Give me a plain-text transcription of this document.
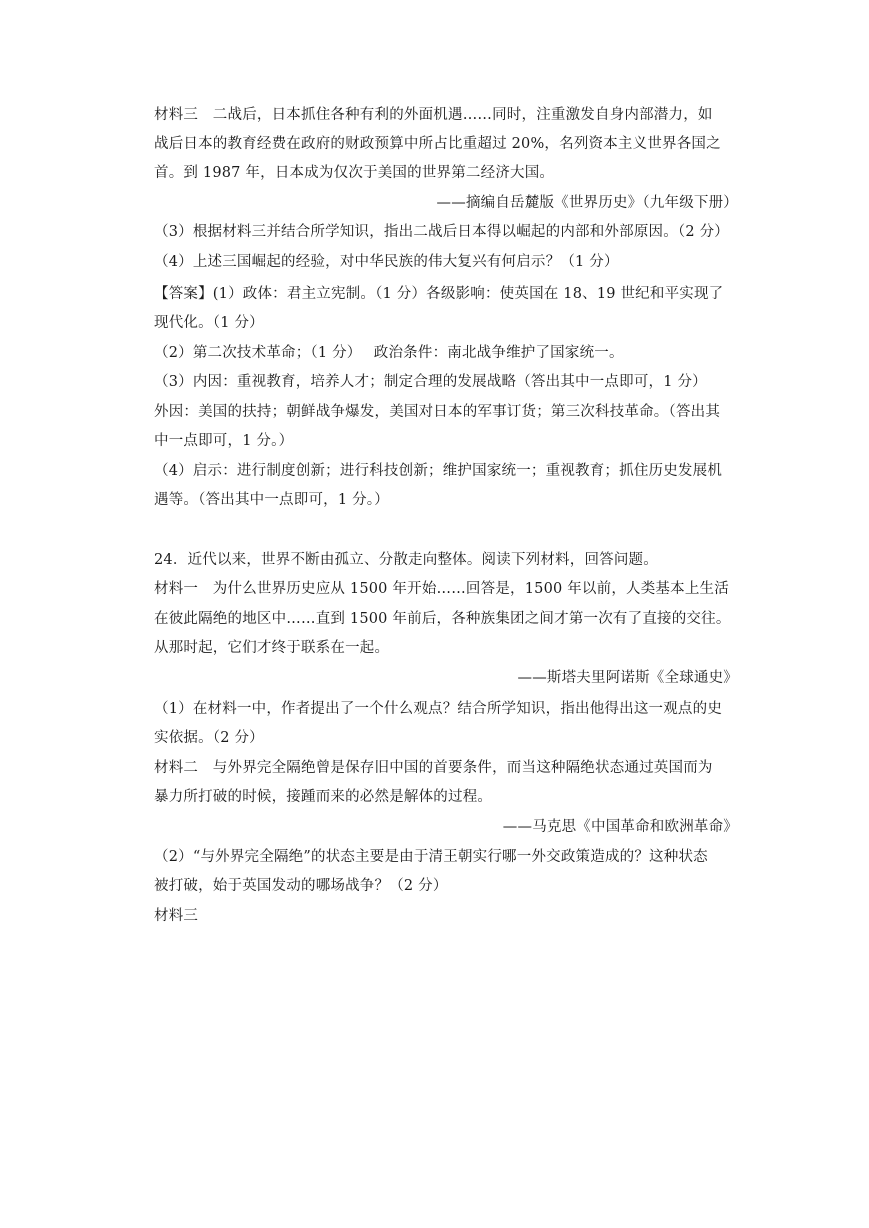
材料三　二战后，日本抓住各种有利的外面机遇……同时，注重激发自身内部潜力，如
战后日本的教育经费在政府的财政预算中所占比重超过 20%，名列资本主义世界各国之
首。到 1987 年，日本成为仅次于美国的世界第二经济大国。
——摘编自岳麓版《世界历史》（九年级下册）
（3）根据材料三并结合所学知识，指出二战后日本得以崛起的内部和外部原因。（2 分）
（4）上述三国崛起的经验，对中华民族的伟大复兴有何启示？（1 分）
【答案】(1）政体：君主立宪制。（1 分）各级影响：使英国在 18、19 世纪和平实现了
现代化。（1 分）
（2）第二次技术革命；（1 分）　 政治条件：南北战争维护了国家统一。
（3）内因：重视教育，培养人才；制定合理的发展战略（答出其中一点即可，1 分）
外因：美国的扶持；朝鲜战争爆发，美国对日本的军事订货；第三次科技革命。（答出其
中一点即可，1 分。）
（4）启示：进行制度创新；进行科技创新；维护国家统一；重视教育；抓住历史发展机
遇等。（答出其中一点即可，1 分。）
24．近代以来，世界不断由孤立、分散走向整体。阅读下列材料，回答问题。
材料一　为什么世界历史应从 1500 年开始……回答是，1500 年以前，人类基本上生活
在彼此隔绝的地区中……直到 1500 年前后，各种族集团之间才第一次有了直接的交往。
从那时起，它们才终于联系在一起。
——斯塔夫里阿诺斯《全球通史》
（1）在材料一中，作者提出了一个什么观点？结合所学知识，指出他得出这一观点的史
实依据。（2 分）
材料二　与外界完全隔绝曾是保存旧中国的首要条件，而当这种隔绝状态通过英国而为
暴力所打破的时候，接踵而来的必然是解体的过程。
——马克思《中国革命和欧洲革命》
（2）“与外界完全隔绝”的状态主要是由于清王朝实行哪一外交政策造成的？这种状态
被打破，始于英国发动的哪场战争？（2 分）
材料三
